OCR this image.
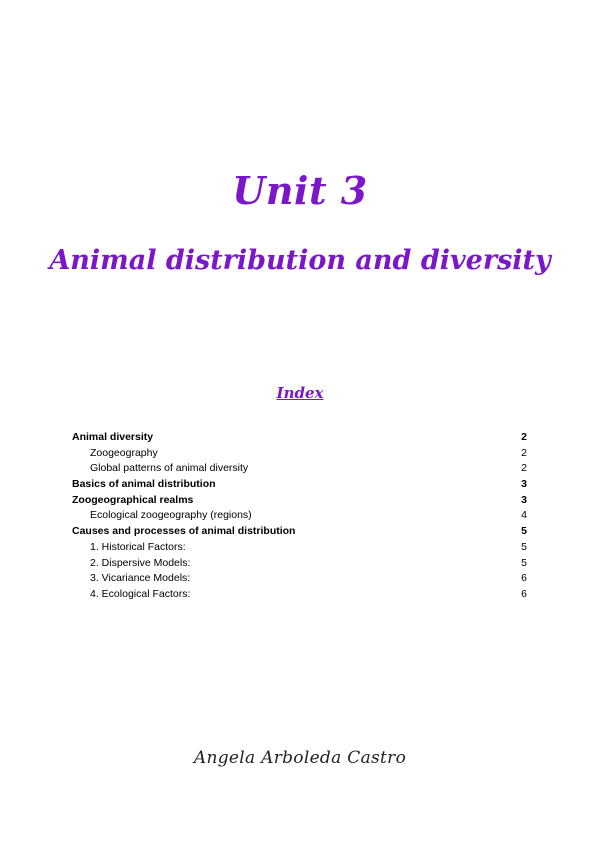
Unit 3
Animal distribution and diversity
Index
Animal diversity	2
Zoogeography	2
Global patterns of animal diversity	2
Basics of animal distribution	3
Zoogeographical realms	3
Ecological zoogeography (regions)	4
Causes and processes of animal distribution	5
1. Historical Factors:	5
2. Dispersive Models:	5
3. Vicariance Models:	6
4. Ecological Factors:	6
Angela Arboleda Castro
